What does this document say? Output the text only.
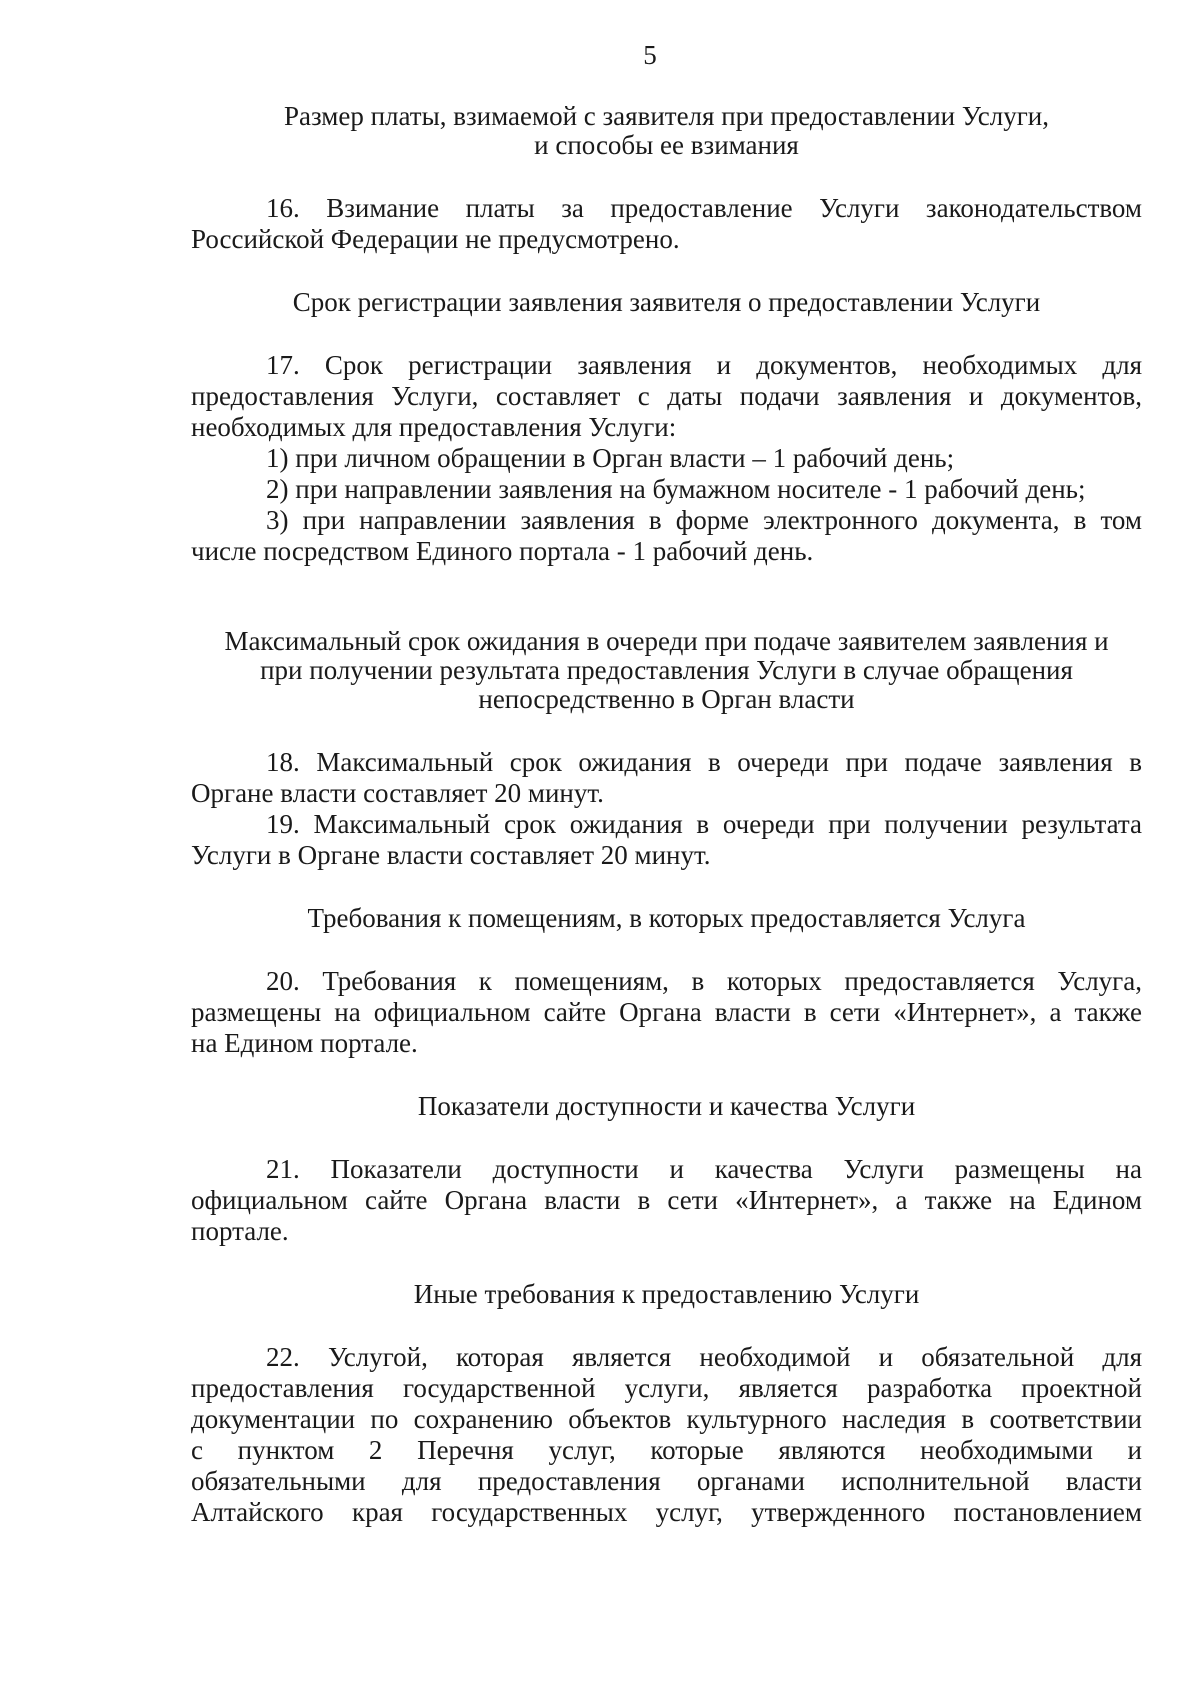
5
Размер платы, взимаемой с заявителя при предоставлении Услуги,
и способы ее взимания
16. Взимание платы за предоставление Услуги законодательством
Российской Федерации не предусмотрено.
Срок регистрации заявления заявителя о предоставлении Услуги
17. Срок регистрации заявления и документов, необходимых для
предоставления Услуги, составляет с даты подачи заявления и документов,
необходимых для предоставления Услуги:
1) при личном обращении в Орган власти – 1 рабочий день;
2) при направлении заявления на бумажном носителе - 1 рабочий день;
3) при направлении заявления в форме электронного документа, в том
числе посредством Единого портала - 1 рабочий день.
Максимальный срок ожидания в очереди при подаче заявителем заявления и
при получении результата предоставления Услуги в случае обращения
непосредственно в Орган власти
18. Максимальный срок ожидания в очереди при подаче заявления в
Органе власти составляет 20 минут.
19. Максимальный срок ожидания в очереди при получении результата
Услуги в Органе власти составляет 20 минут.
Требования к помещениям, в которых предоставляется Услуга
20. Требования к помещениям, в которых предоставляется Услуга,
размещены на официальном сайте Органа власти в сети «Интернет», а также
на Едином портале.
Показатели доступности и качества Услуги
21. Показатели доступности и качества Услуги размещены на
официальном сайте Органа власти в сети «Интернет», а также на Едином
портале.
Иные требования к предоставлению Услуги
22. Услугой, которая является необходимой и обязательной для
предоставления государственной услуги, является разработка проектной
документации по сохранению объектов культурного наследия в соответствии
с пунктом 2 Перечня услуг, которые являются необходимыми и
обязательными для предоставления органами исполнительной власти
Алтайского края государственных услуг, утвержденного постановлением
